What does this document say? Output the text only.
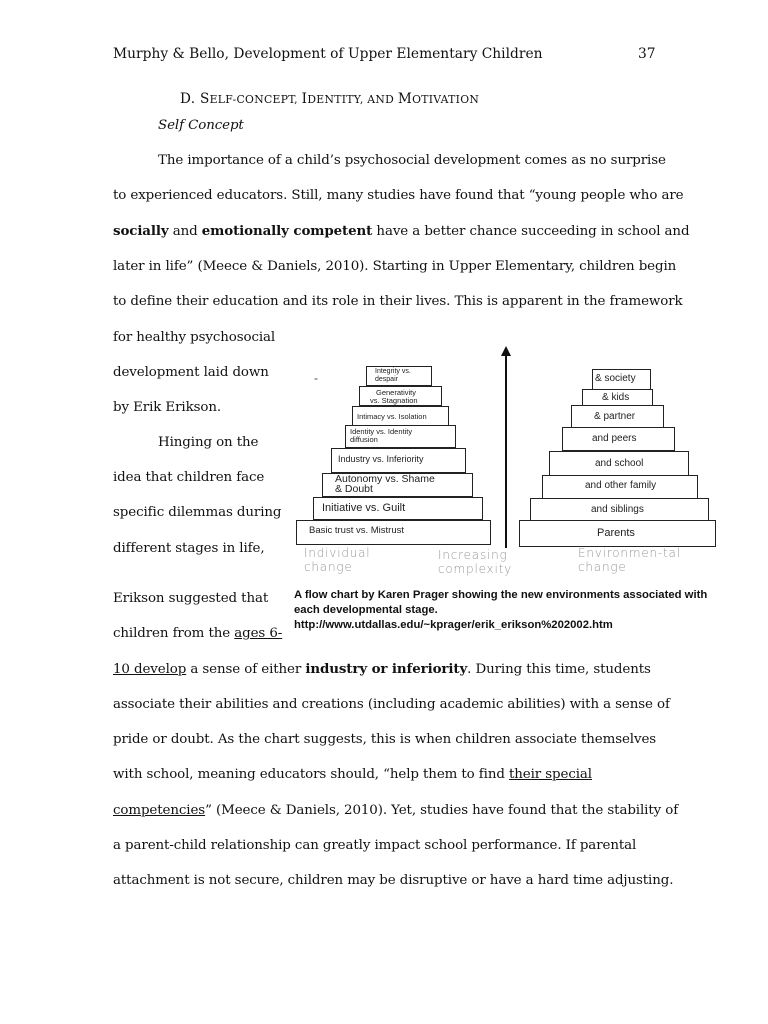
Murphy & Bello, Development of Upper Elementary Children	37
D. SELF-CONCEPT, IDENTITY, AND MOTIVATION
Self Concept
The importance of a child’s psychosocial development comes as no surprise
to experienced educators. Still, many studies have found that “young people who are
socially and emotionally competent have a better chance succeeding in school and
later in life” (Meece & Daniels, 2010). Starting in Upper Elementary, children begin
to define their education and its role in their lives. This is apparent in the framework
for healthy psychosocial
development laid down
by Erik Erikson.
Hinging on the
idea that children face
specific dilemmas during
different stages in life,
Erikson suggested that
children from the ages 6-
10 develop a sense of either industry or inferiority. During this time, students
associate their abilities and creations (including academic abilities) with a sense of
pride or doubt. As the chart suggests, this is when children associate themselves
with school, meaning educators should, “help them to find their special
competencies” (Meece & Daniels, 2010). Yet, studies have found that the stability of
a parent-child relationship can greatly impact school performance. If parental
attachment is not secure, children may be disruptive or have a hard time adjusting.
Integrity vs.
despair
Generativity
vs. Stagnation
Intimacy vs. Isolation
Identity vs. Identity
diffusion
Industry vs. Inferiority
Autonomy vs. Shame
& Doubt
Initiative vs. Guilt
Basic trust vs. Mistrust
-	& society
& kids
& partner
and peers
and school
and other family
and siblings
Parents
Individual
change
Increasing
complexity
Environmen-tal
change
A flow chart by Karen Prager showing the new environments associated with
each developmental stage.
http://www.utdallas.edu/~kprager/erik_erikson%202002.htm
